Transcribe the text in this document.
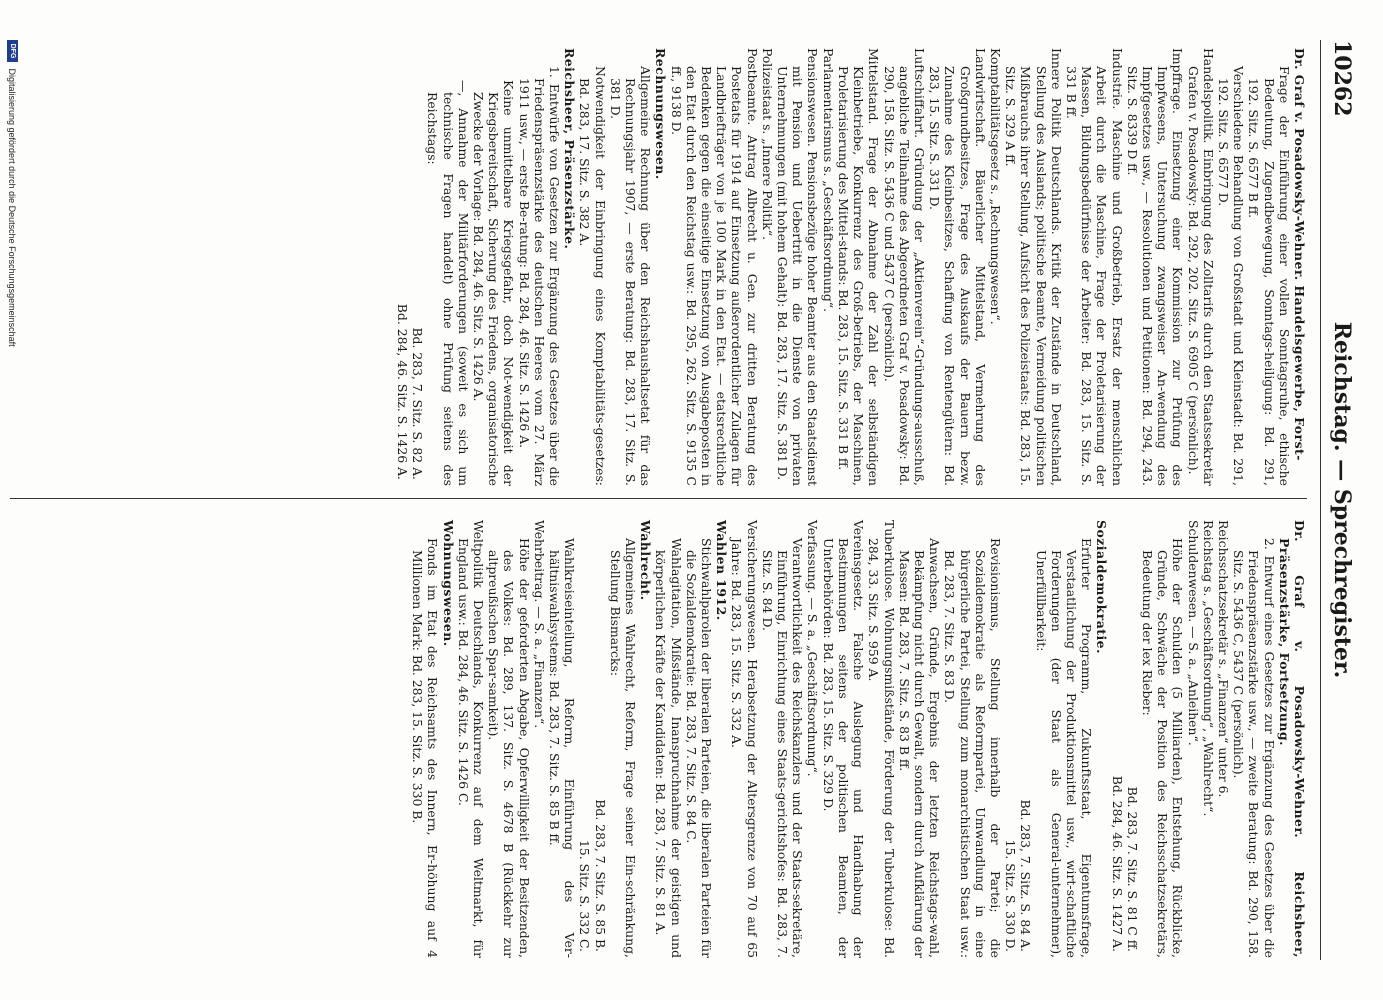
10262
Reichstag. — Sprechregister.

Dr. Graf v. Posadowsky-Wehner. Handelsgewerbe, Forst-

Frage der Einführung einer vollen Sonntagsruhe, ethische Bedeutung, Zugendbewegung, Sonntags-heiligung: Bd. 291, 192. Sitz. S. 6577 B ff.

Verschiedene Behandlung von Großstadt und Kleinstadt: Bd. 291, 192. Sitz. S. 6577 D.

Handelspolitik. Einbringung des Zolltarifs durch den Staatssekretär Grafen v. Posadowsky: Bd. 292, 202. Sitz. S. 6905 C (persönlich).

Impffrage. Einsetzung einer Kommission zur Prüfung des Impfwesens, Untersuchung zwangsweiser An-wendung des Impfgesetzes usw., — Resolutionen und Petitionen: Bd. 294, 243. Sitz. S. 8339 D ff.

Industrie. Maschine und Großbetrieb, Ersatz der menschlichen Arbeit durch die Maschine, Frage der Proletarisierung der Massen, Bildungsbedürfnisse der Arbeiter: Bd. 283, 15. Sitz. S. 331 B ff.

Innere Politik Deutschlands. Kritik der Zustände in Deutschland, Stellung des Auslands; politische Beamte, Vermeidung politischen Mißbrauchs ihrer Stellung, Aufsicht des Polizeistaats: Bd. 283, 15. Sitz. S. 329 A ff.

Komptabilitätsgesetz s. „Rechnungswesen“.

Landwirtschaft. Bäuerlicher Mittelstand, Vermehrung des Großgrundbesitzes, Frage des Auskaufs der Bauern bezw. Zunahme des Kleinbesitzes, Schaffung von Rentengütern: Bd. 283, 15. Sitz. S. 331 D.

Luftschiffahrt. Gründung der „Aktienverein“-Gründungs-ausschuß, angebliche Teilnahme des Abgeordneten Graf v. Posadowsky: Bd. 290, 158. Sitz. S. 5436 C und 5437 C (persönlich).

Mittelstand. Frage der Abnahme der Zahl der selbständigen Kleinbetriebe, Konkurrenz des Groß-betriebs, der Maschinen, Proletarisierung des Mittel-stands: Bd. 283, 15. Sitz. S. 331 B ff.

Parlamentarismus s. „Geschäftsordnung“.

Pensionswesen. Pensionsbezüge hoher Beamter aus den Staatsdienst mit Pension und Uebertritt in die Dienste von privaten Unternehmungen (mit hohem Gehalt): Bd. 283, 17. Sitz. S. 381 D.

Polizeistaat s. „Innere Politik“.

Postbeamte. Antrag Albrecht u. Gen. zur dritten Beratung des Postetats für 1914 auf Einsetzung außerordentlicher Zulagen für Landbriefträger von je 100 Mark in den Etat. — etatsrechtliche Bedenken gegen die einseitige Einsetzung von Ausgabeposten in den Etat durch den Reichstag usw.: Bd. 295, 262. Sitz. S. 9135 C ff., 9138 D.

Rechnungswesen.

Allgemeine Rechnung über den Reichshaushaltsetat für das Rechnungsjahr 1907, — erste Beratung: Bd. 283, 17. Sitz. S. 381 D.

Notwendigkeit der Einbringung eines Komptabilitäts-gesetzes: Bd. 283, 17. Sitz. S. 382 A.

Reichsheer, Präsenzstärke.

1. Entwürfe von Gesetzen zur Ergänzung des Gesetzes über die Friedenspräsenzstärke des deutschen Heeres vom 27. März 1911 usw., — erste Be-ratung: Bd. 284, 46. Sitz. S. 1426 A.

Keine unmittelbare Kriegsgefahr, doch Not-wendigkeit der Kriegsbereitschaft, Sicherung des Friedens, organisatorische Zwecke der Vorlage: Bd. 284, 46. Sitz. S. 1426 A.

—, Annahme der Militärforderungen (soweit es sich um technische Fragen handelt) ohne Prüfung seitens des Reichstags:

Bd. 283, 7. Sitz. S. 82 A.

Bd. 284, 46. Sitz. S. 1426 A.

Dr. Graf v. Posadowsky-Wehner. Reichsheer, Präsenzstärke, Fortsetzung.

2. Entwurf eines Gesetzes zur Ergänzung des Gesetzes über die Friedenspräsenzstärke usw., — zweite Beratung: Bd. 290, 158. Sitz. S. 5436 C, 5437 C (persönlich).

Reichsschatzsekretär s. „Finanzen“ unter 6.

Reichstag s. „Geschäftsordnung“, „Wahlrecht“.

Schuldenwesen. — S. a. „Anleihen“.

Höhe der Schulden (5 Milliarden), Entstehung, Rückblicke, Gründe, Schwäche der Position des Reichsschatzsekretärs, Bedeutung der lex Rieber:

Bd. 283, 7. Sitz. S. 81 C ff.

Bd. 284, 46. Sitz. S. 1427 A.

Sozialdemokratie.

Erfurter Programm, Zukunftsstaat, Eigentumsfrage, Verstaatlichung der Produktionsmittel usw., wirt-schaftliche Forderungen (der Staat als General-unternehmer), Unerfüllbarkeit:

Bd. 283, 7. Sitz. S. 84 A.

15. Sitz. S. 330 D.

Revisionismus, Stellung innerhalb der Partei; die Sozialdemokratie als Reformpartei, Umwandlung in eine bürgerliche Partei, Stellung zum monarchistischen Staat usw.: Bd. 283, 7. Sitz. S. 83 D.

Anwachsen, Gründe, Ergebnis der letzten Reichstags-wahl, Bekämpfung nicht durch Gewalt, sondern durch Aufklärung der Massen: Bd. 283, 7. Sitz. S. 83 B ff.

Tuberkulose. Wohnungsmißstände, Förderung der Tuberkulose: Bd. 284, 33. Sitz. S. 959 A.

Vereinsgesetz. Falsche Auslegung und Handhabung der Bestimmungen seitens der politischen Beamten, der Unterbehörden: Bd. 283, 15. Sitz. S. 329 D.

Verfassung. — S. a. „Geschäftsordnung“.

Verantwortlichkeit des Reichskanzlers und der Staats-sekretäre, Einführung, Einrichtung eines Staats-gerichtshofes: Bd. 283, 7. Sitz. S. 84 D.

Versicherungswesen. Herabsetzung der Altersgrenze von 70 auf 65 Jahre: Bd. 283, 15. Sitz. S. 332 A.

Wahlen 1912.

Stichwahlparolen der liberalen Parteien, die liberalen Parteien für die Sozialdemokratie: Bd. 283, 7. Sitz. S. 84 C.

Wahlagitation, Mißstände, Inanspruchnahme der geistigen und körperlichen Kräfte der Kandidaten: Bd. 283, 7. Sitz. S. 81 A.

Wahlrecht.

Allgemeines Wahlrecht, Reform, Frage seiner Ein-schränkung, Stellung Bismarcks:

Bd. 283, 7. Sitz. S. 85 B.

15. Sitz. S. 332 C.

Wahlkreiseinteilung, Reform, Einführung des Ver-hältniswahlsystems: Bd. 283, 7. Sitz. S. 85 B ff.

Wehrbeitrag. — S. a. „Finanzen“.

Höhe der geforderten Abgabe, Opferwilligkeit der Besitzenden, des Volkes: Bd. 289, 137. Sitz. S. 4678 B (Rückkehr zur altpreußischen Spar-samkeit).

Weltpolitik Deutschlands, Konkurrenz auf dem Weltmarkt, für England usw.: Bd. 284, 46. Sitz. S. 1426 C.

Wohnungswesen.

Fonds im Etat des Reichsamts des Innern, Er-höhung auf 4 Millionen Mark: Bd. 283, 15. Sitz. S. 330 B.

DFG Digitalisierung gefördert durch die Deutsche Forschungsgemeinschaft
